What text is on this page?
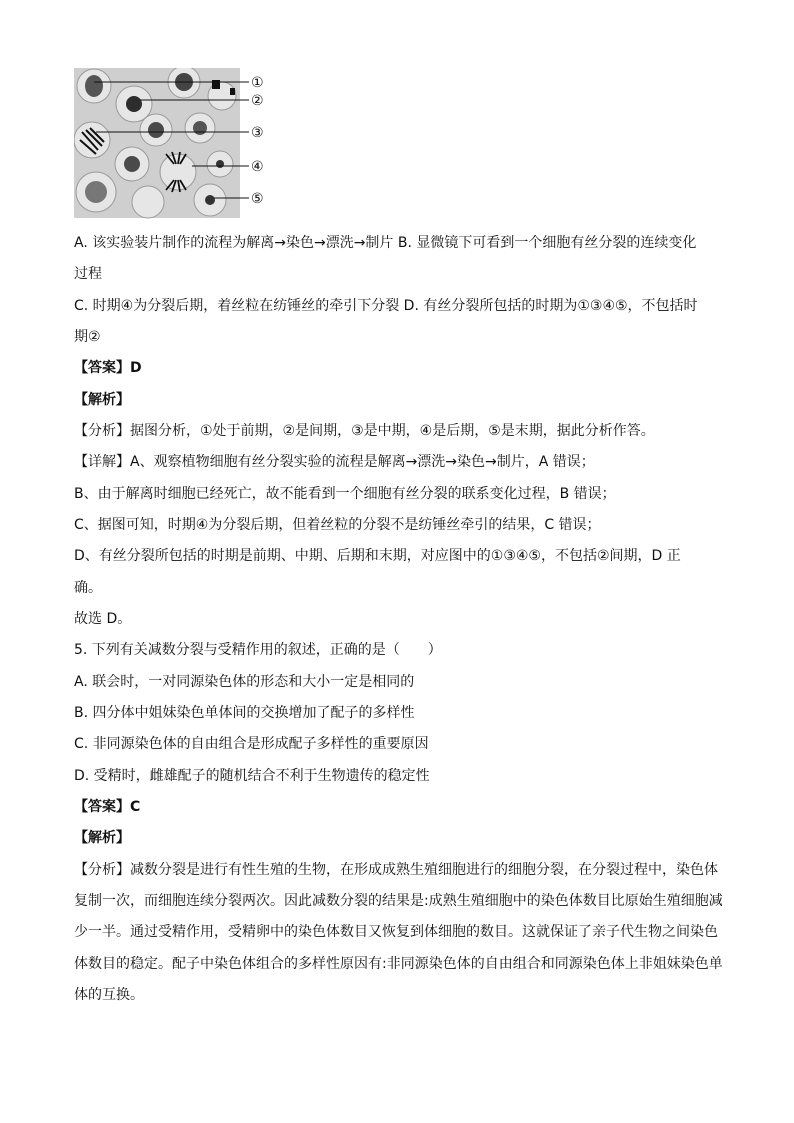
①
②
③
④
⑤
A. 该实验装片制作的流程为解离→染色→漂洗→制片 B. 显微镜下可看到一个细胞有丝分裂的连续变化
过程
C. 时期④为分裂后期，着丝粒在纺锤丝的牵引下分裂 D. 有丝分裂所包括的时期为①③④⑤，不包括时
期②
【答案】D
【解析】
【分析】据图分析，①处于前期，②是间期，③是中期，④是后期，⑤是末期，据此分析作答。
【详解】A、观察植物细胞有丝分裂实验的流程是解离→漂洗→染色→制片，A 错误；
B、由于解离时细胞已经死亡，故不能看到一个细胞有丝分裂的联系变化过程，B 错误；
C、据图可知，时期④为分裂后期，但着丝粒的分裂不是纺锤丝牵引的结果，C 错误；
D、有丝分裂所包括的时期是前期、中期、后期和末期，对应图中的①③④⑤，不包括②间期，D 正
确。
故选 D。
5. 下列有关减数分裂与受精作用的叙述，正确的是（　　）
A. 联会时，一对同源染色体的形态和大小一定是相同的
B. 四分体中姐妹染色单体间的交换增加了配子的多样性
C. 非同源染色体的自由组合是形成配子多样性的重要原因
D. 受精时，雌雄配子的随机结合不利于生物遗传的稳定性
【答案】C
【解析】
【分析】减数分裂是进行有性生殖的生物，在形成成熟生殖细胞进行的细胞分裂，在分裂过程中，染色体
复制一次，而细胞连续分裂两次。因此减数分裂的结果是:成熟生殖细胞中的染色体数目比原始生殖细胞减
少一半。通过受精作用，受精卵中的染色体数目又恢复到体细胞的数目。这就保证了亲子代生物之间染色
体数目的稳定。配子中染色体组合的多样性原因有:非同源染色体的自由组合和同源染色体上非姐妹染色单
体的互换。
